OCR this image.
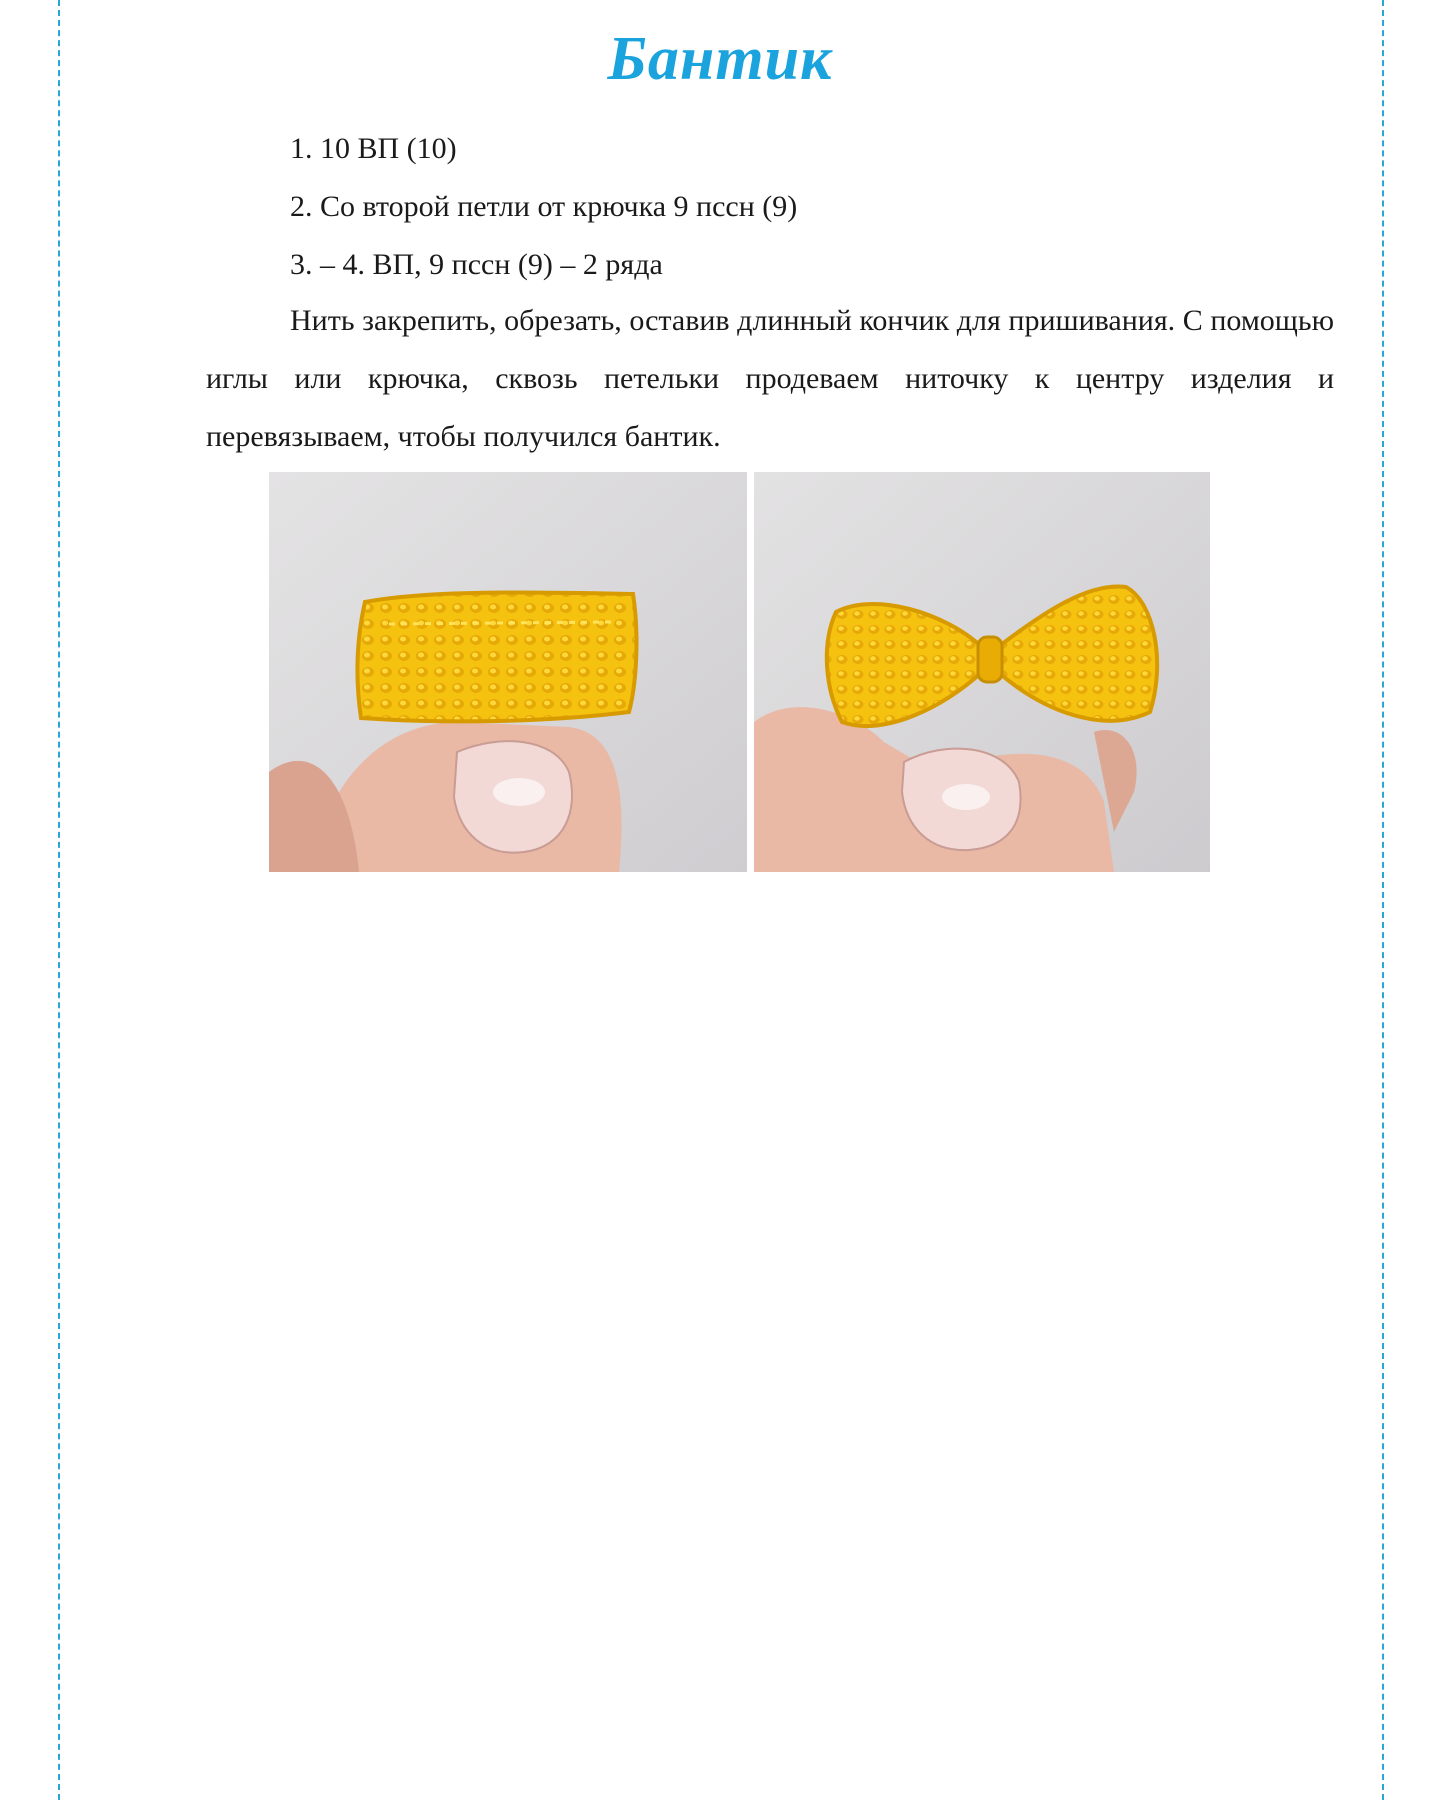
Бантик
1. 10 ВП (10)
2. Со второй петли от крючка 9 пссн (9)
3. – 4. ВП, 9 пссн (9) – 2 ряда

Нить закрепить, обрезать, оставив длинный кончик для пришивания. С помощью иглы или крючка, сквозь петельки продеваем ниточку к центру изделия и перевязываем, чтобы получился бантик.
